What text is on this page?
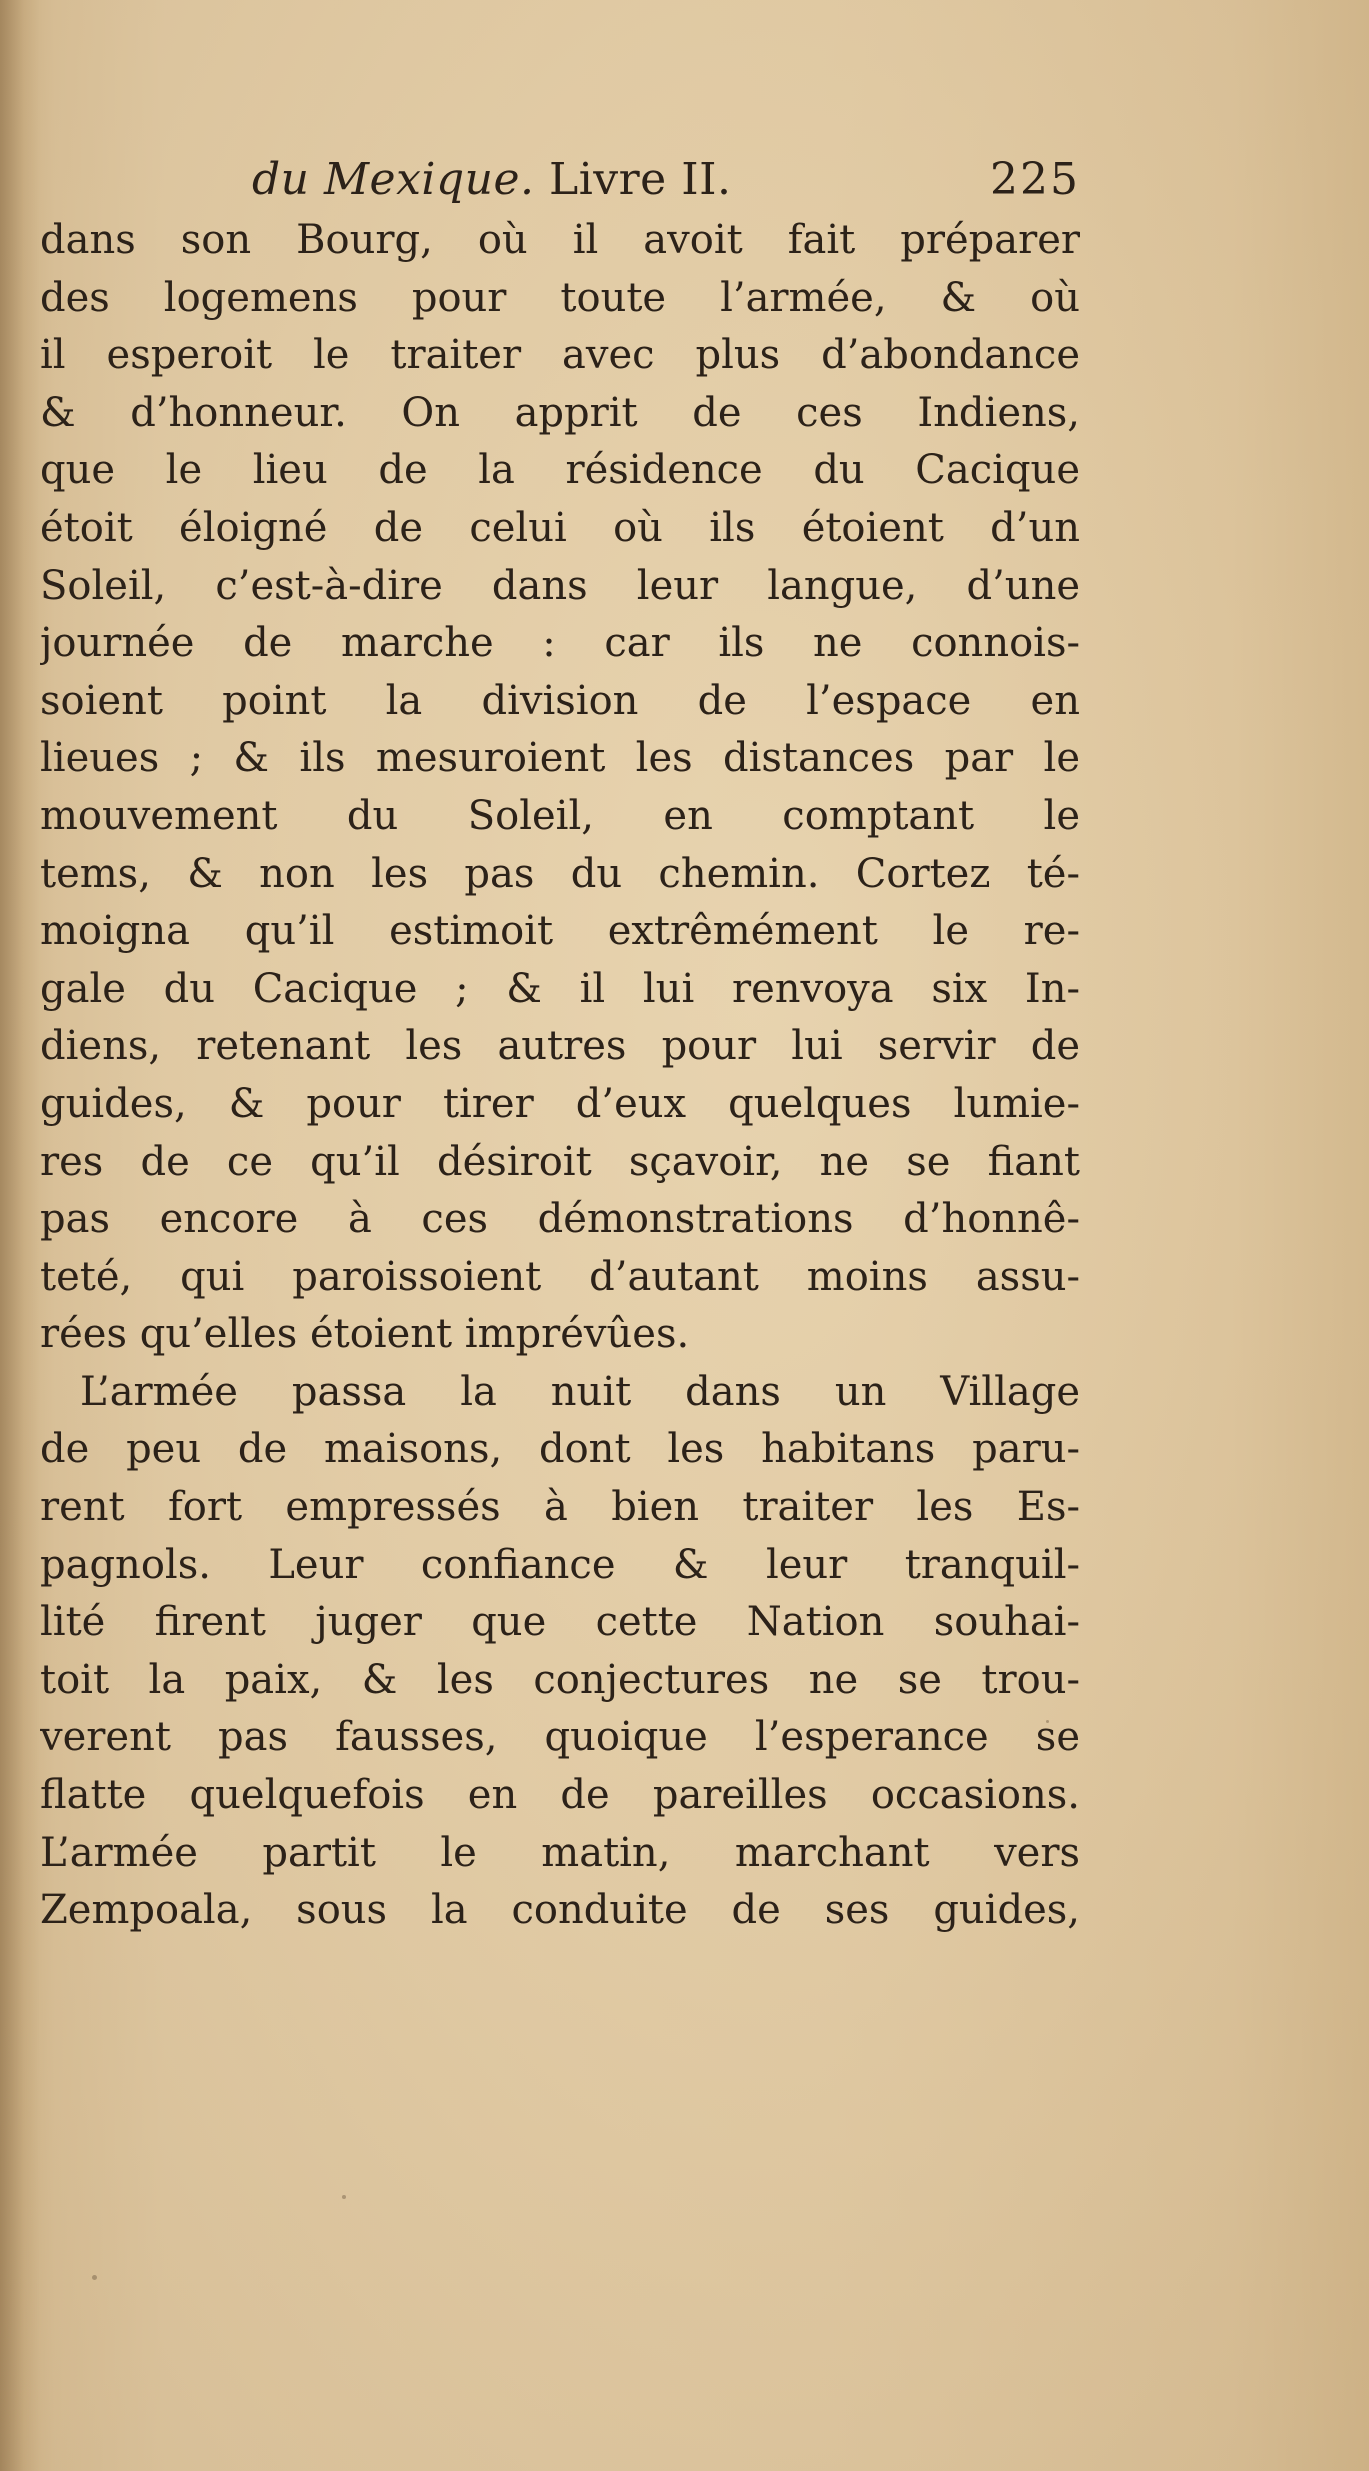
du Mexique. Livre II.	225
dans son Bourg, où il avoit fait préparer
des logemens pour toute l’armée, & où
il esperoit le traiter avec plus d’abondance
& d’honneur. On apprit de ces Indiens,
que le lieu de la résidence du Cacique
étoit éloigné de celui où ils étoient d’un
Soleil, c’est-à-dire dans leur langue, d’une
journée de marche : car ils ne connois-
soient point la division de l’espace en
lieues ; & ils mesuroient les distances par le
mouvement du Soleil, en comptant le
tems, & non les pas du chemin. Cortez té-
moigna qu’il estimoit extrêmément le re-
gale du Cacique ; & il lui renvoya six In-
diens, retenant les autres pour lui servir de
guides, & pour tirer d’eux quelques lumie-
res de ce qu’il désiroit sçavoir, ne se fiant
pas encore à ces démonstrations d’honnê-
teté, qui paroissoient d’autant moins assu-
rées qu’elles étoient imprévûes.
L’armée passa la nuit dans un Village
de peu de maisons, dont les habitans paru-
rent fort empressés à bien traiter les Es-
pagnols. Leur confiance & leur tranquil-
lité firent juger que cette Nation souhai-
toit la paix, & les conjectures ne se trou-
verent pas fausses, quoique l’esperance se
flatte quelquefois en de pareilles occasions.
L’armée partit le matin, marchant vers
Zempoala, sous la conduite de ses guides,
